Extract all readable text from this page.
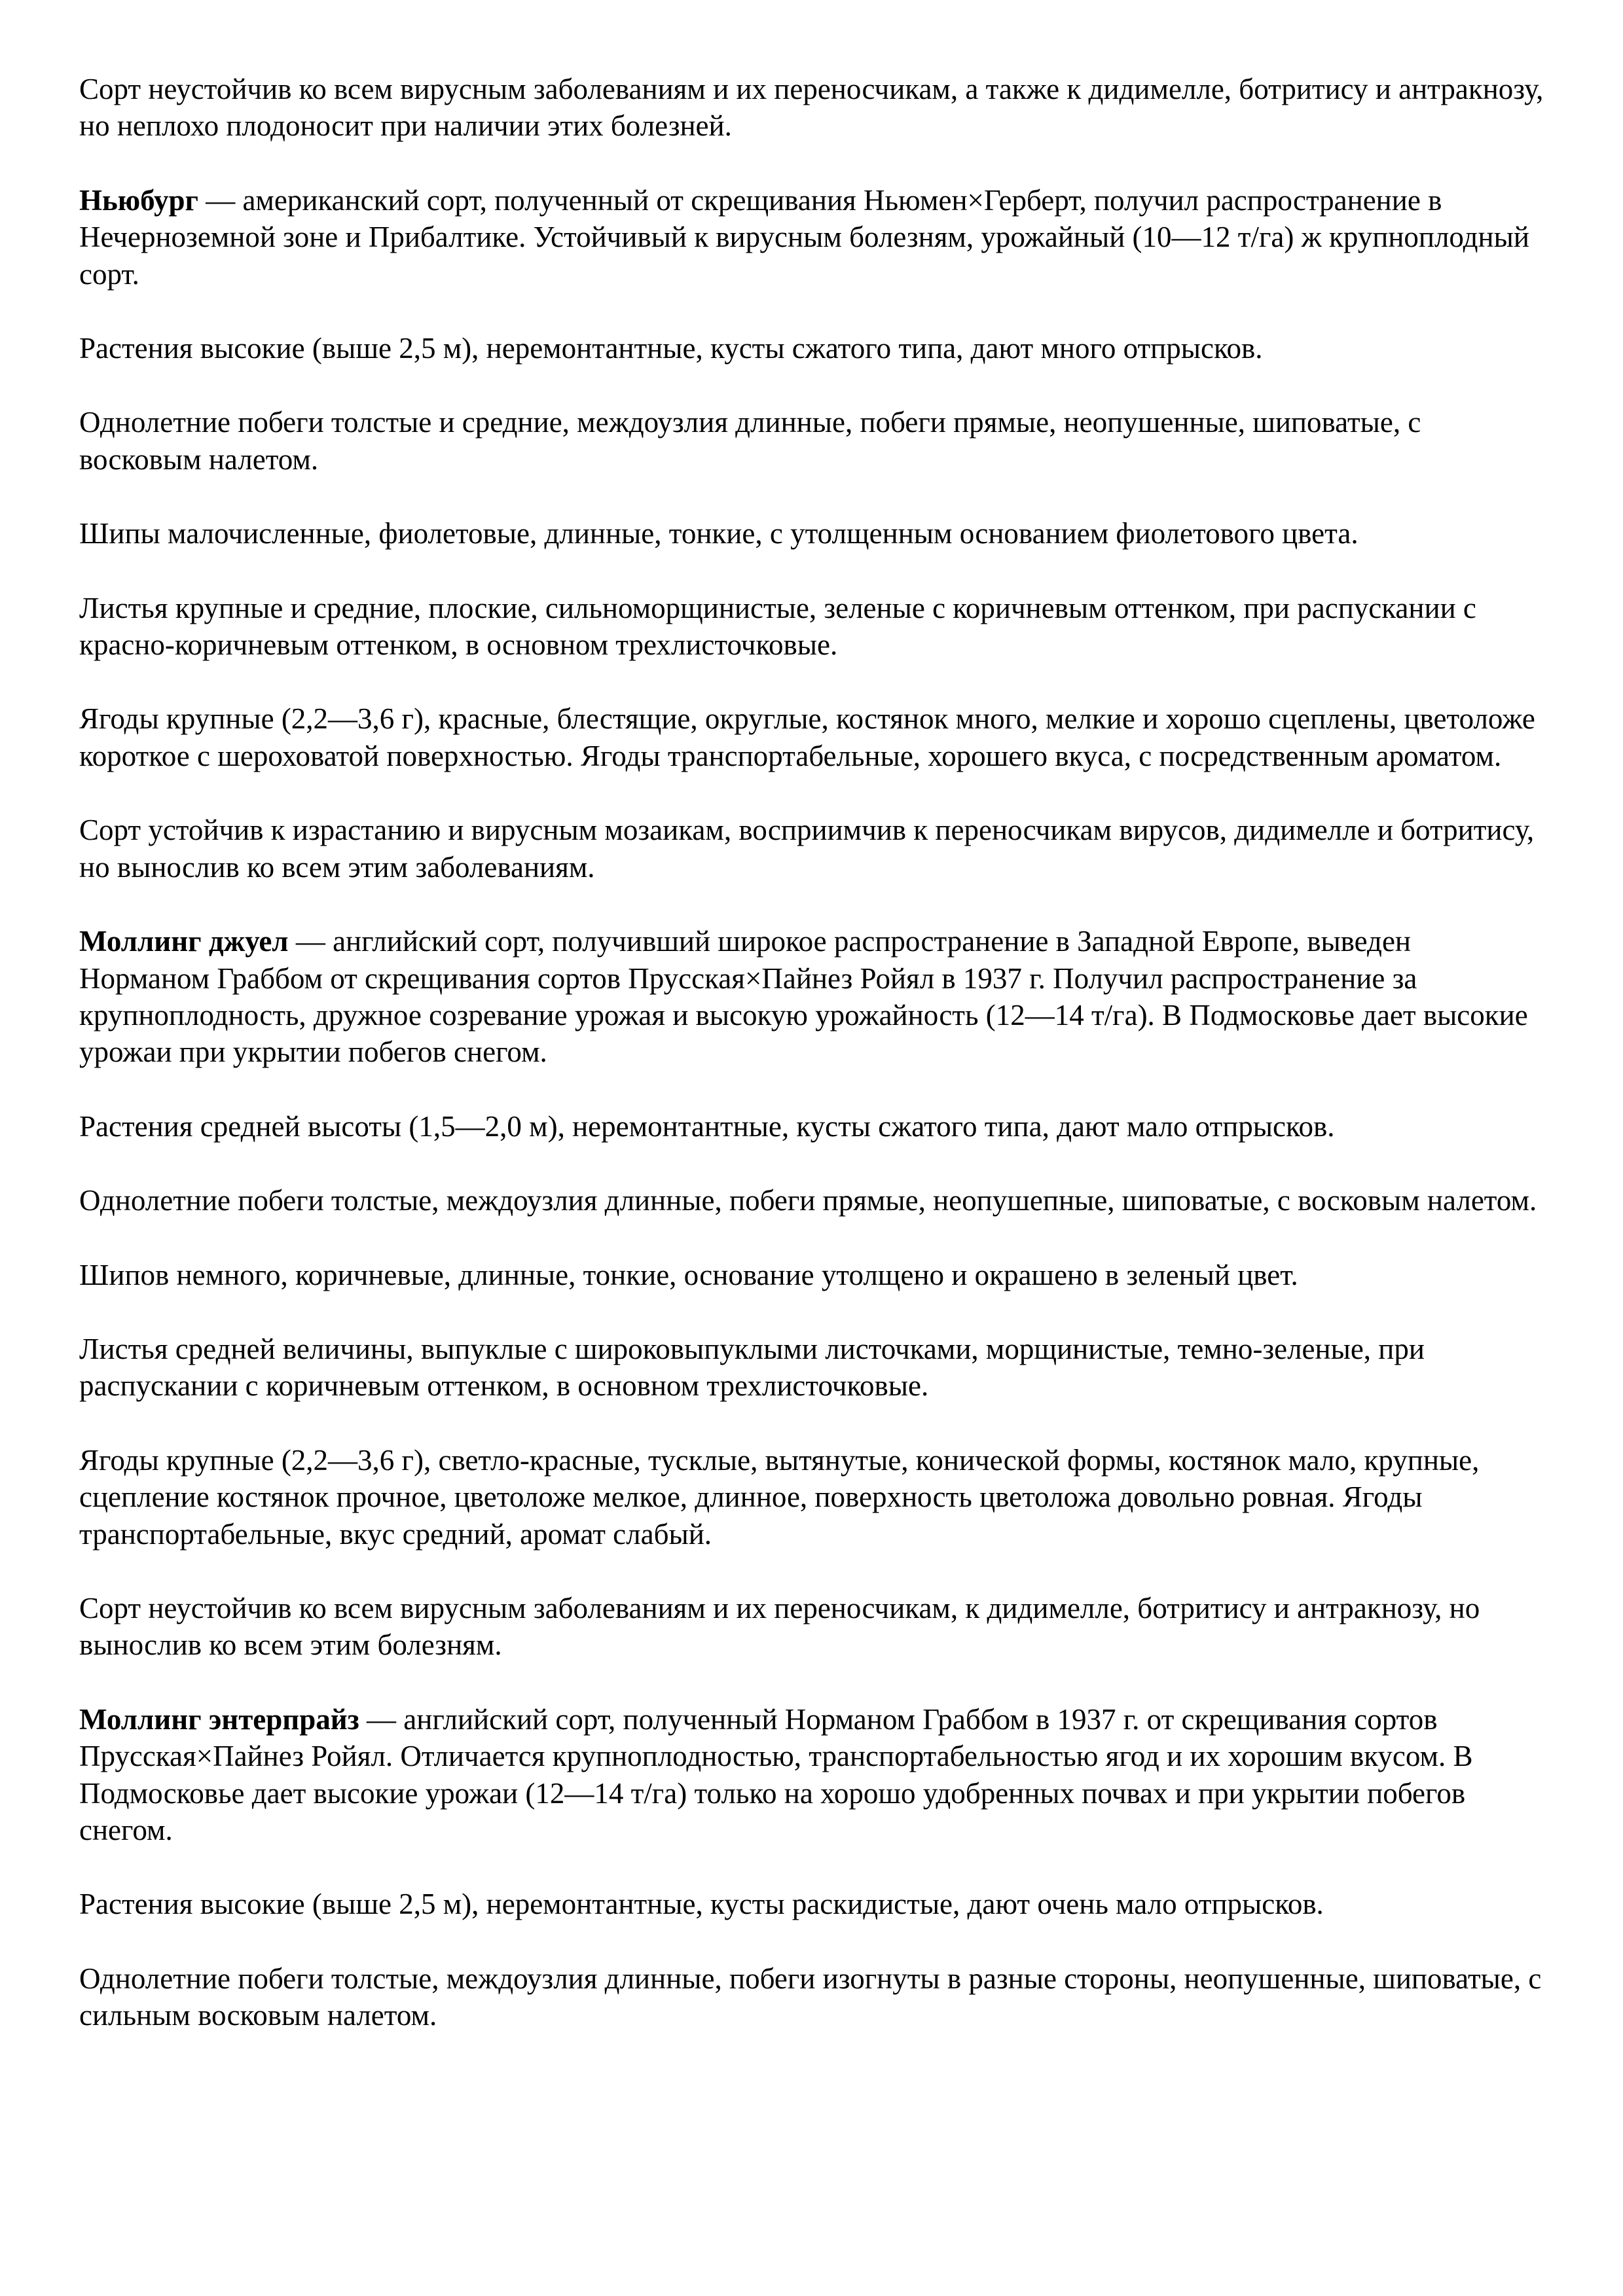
Сорт неустойчив ко всем вирусным заболеваниям и их переносчикам, а также к дидимелле, ботритису и антракнозу, но неплохо плодоносит при наличии этих болезней.

Ньюбург — американский сорт, полученный от скрещивания Ньюмен×Герберт, получил распространение в Нечерноземной зоне и Прибалтике. Устойчивый к вирусным болезням, урожайный (10—12 т/га) ж крупноплодный сорт.

Растения высокие (выше 2,5 м), неремонтантные, кусты сжатого типа, дают много отпрысков.

Однолетние побеги толстые и средние, междоузлия длинные, побеги прямые, неопушенные, шиповатые, с восковым налетом.

Шипы малочисленные, фиолетовые, длинные, тонкие, с утолщенным основанием фиолетового цвета.

Листья крупные и средние, плоские, сильноморщинистые, зеленые с коричневым оттенком, при распускании с красно-коричневым оттенком, в основном трехлисточковые.

Ягоды крупные (2,2—3,6 г), красные, блестящие, округлые, костянок много, мелкие и хорошо сцеплены, цветоложе короткое с шероховатой поверхностью. Ягоды транспортабельные, хорошего вкуса, с посредственным ароматом.

Сорт устойчив к израстанию и вирусным мозаикам, восприимчив к переносчикам вирусов, дидимелле и ботритису, но вынослив ко всем этим заболеваниям.

Моллинг джуел — английский сорт, получивший широкое распространение в Западной Европе, выведен Норманом Граббом от скрещивания сортов Прусская×Пайнез Ройял в 1937 г. Получил распространение за крупноплодность, дружное созревание урожая и высокую урожайность (12—14 т/га). В Подмосковье дает высокие урожаи при укрытии побегов снегом.

Растения средней высоты (1,5—2,0 м), неремонтантные, кусты сжатого типа, дают мало отпрысков.

Однолетние побеги толстые, междоузлия длинные, побеги прямые, неопушепные, шиповатые, с восковым налетом.

Шипов немного, коричневые, длинные, тонкие, основание утолщено и окрашено в зеленый цвет.

Листья средней величины, выпуклые с широковыпуклыми листочками, морщинистые, темно-зеленые, при распускании с коричневым оттенком, в основном трехлисточковые.

Ягоды крупные (2,2—3,6 г), светло-красные, тусклые, вытянутые, конической формы, костянок мало, крупные, сцепление костянок прочное, цветоложе мелкое, длинное, поверхность цветоложа довольно ровная. Ягоды транспортабельные, вкус средний, аромат слабый.

Сорт неустойчив ко всем вирусным заболеваниям и их переносчикам, к дидимелле, ботритису и антракнозу, но вынослив ко всем этим болезням.

Моллинг энтерпрайз — английский сорт, полученный Норманом Граббом в 1937 г. от скрещивания сортов Прусская×Пайнез Ройял. Отличается крупноплодностью, транспортабельностью ягод и их хорошим вкусом. В Подмосковье дает высокие урожаи (12—14 т/га) только на хорошо удобренных почвах и при укрытии побегов снегом.

Растения высокие (выше 2,5 м), неремонтантные, кусты раскидистые, дают очень мало отпрысков.

Однолетние побеги толстые, междоузлия длинные, побеги изогнуты в разные стороны, неопушенные, шиповатые, с сильным восковым налетом.
